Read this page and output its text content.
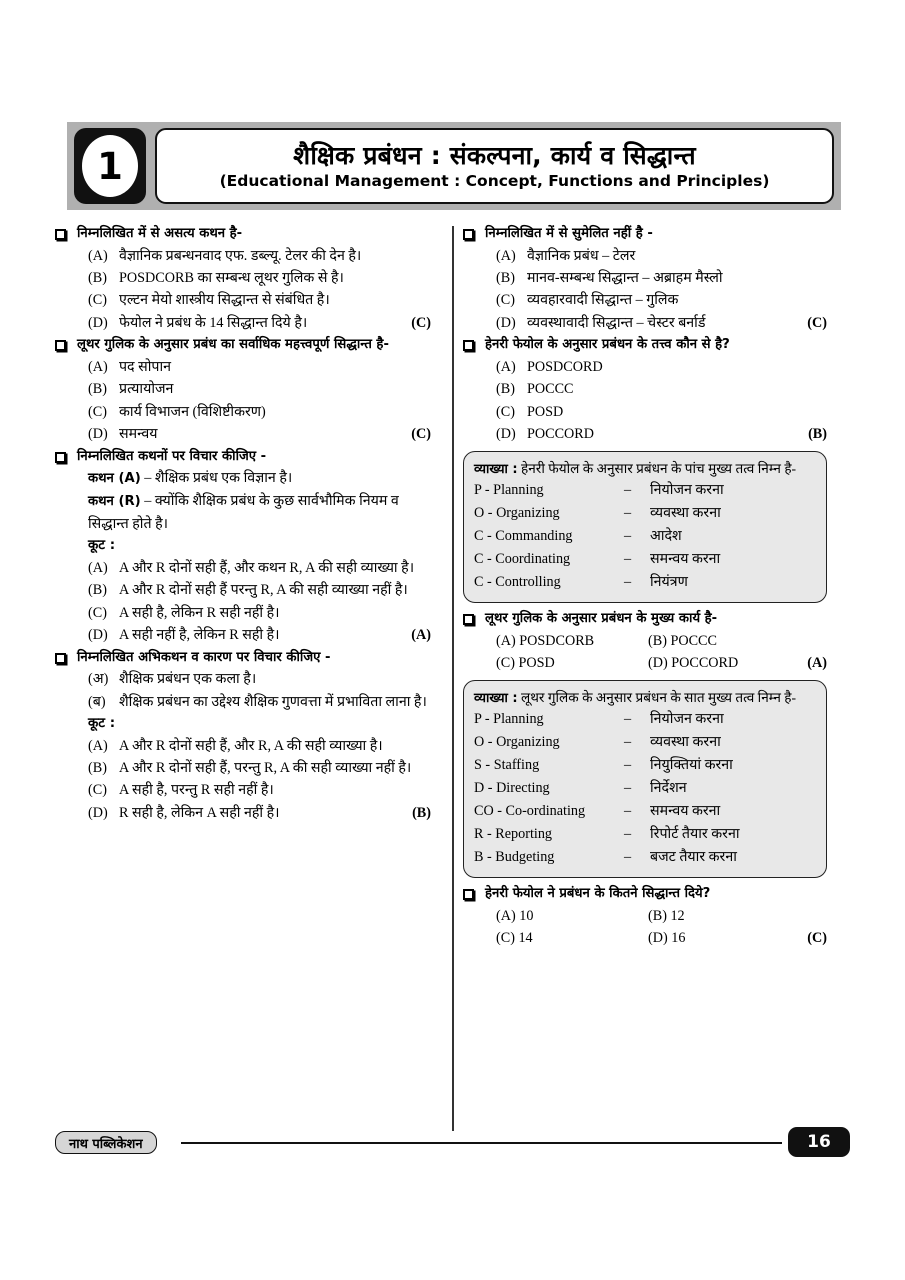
1	शैक्षिक प्रबंधन : संकल्पना, कार्य व सिद्धान्त
(Educational Management : Concept, Functions and Principles)
निम्नलिखित में से असत्य कथन है-
(A) वैज्ञानिक प्रबन्धनवाद एफ. डब्ल्यू. टेलर की देन है।
(B) POSDCORB का सम्बन्ध लूथर गुलिक से है।
(C) एल्टन मेयो शास्त्रीय सिद्धान्त से संबंधित है।
(D) फेयोल ने प्रबंध के 14 सिद्धान्त दिये है।	(C)
लूथर गुलिक के अनुसार प्रबंध का सर्वाधिक महत्त्वपूर्ण सिद्धान्त है-
(A) पद सोपान
(B) प्रत्यायोजन
(C) कार्य विभाजन (विशिष्टीकरण)
(D) समन्वय	(C)
निम्नलिखित कथनों पर विचार कीजिए -
कथन (A) – शैक्षिक प्रबंध एक विज्ञान है।
कथन (R) – क्योंकि शैक्षिक प्रबंध के कुछ सार्वभौमिक नियम व सिद्धान्त होते है।
कूट :
(A) A और R दोनों सही हैं, और कथन R, A की सही व्याख्या है।
(B) A और R दोनों सही हैं परन्तु R, A की सही व्याख्या नहीं है।
(C) A सही है, लेकिन R सही नहीं है।
(D) A सही नहीं है, लेकिन R सही है।	(A)
निम्नलिखित अभिकथन व कारण पर विचार कीजिए -
(अ) शैक्षिक प्रबंधन एक कला है।
(ब) शैक्षिक प्रबंधन का उद्देश्य शैक्षिक गुणवत्ता में प्रभाविता लाना है।
कूट :
(A) A और R दोनों सही हैं, और R, A की सही व्याख्या है।
(B) A और R दोनों सही हैं, परन्तु R, A की सही व्याख्या नहीं है।
(C) A सही है, परन्तु R सही नहीं है।
(D) R सही है, लेकिन A सही नहीं है।	(B)
निम्नलिखित में से सुमेलित नहीं है -
(A) वैज्ञानिक प्रबंध – टेलर
(B) मानव-सम्बन्ध सिद्धान्त – अब्राहम मैस्लो
(C) व्यवहारवादी सिद्धान्त – गुलिक
(D) व्यवस्थावादी सिद्धान्त – चेस्टर बर्नार्ड	(C)
हेनरी फेयोल के अनुसार प्रबंधन के तत्त्व कौन से है?
(A) POSDCORD
(B) POCCC
(C) POSD
(D) POCCORD	(B)
व्याख्या : हेनरी फेयोल के अनुसार प्रबंधन के पांच मुख्य तत्व निम्न है-
P - Planning	–	नियोजन करना
O - Organizing	–	व्यवस्था करना
C - Commanding	–	आदेश
C - Coordinating	–	समन्वय करना
C - Controlling	–	नियंत्रण
लूथर गुलिक के अनुसार प्रबंधन के मुख्य कार्य है-
(A) POSDCORB	(B) POCCC
(C) POSD	(D) POCCORD	(A)
व्याख्या : लूथर गुलिक के अनुसार प्रबंधन के सात मुख्य तत्व निम्न है-
P - Planning	–	नियोजन करना
O - Organizing	–	व्यवस्था करना
S - Staffing	–	नियुक्तियां करना
D - Directing	–	निर्देशन
CO - Co-ordinating	–	समन्वय करना
R - Reporting	–	रिपोर्ट तैयार करना
B - Budgeting	–	बजट तैयार करना
हेनरी फेयोल ने प्रबंधन के कितने सिद्धान्त दिये?
(A) 10	(B) 12
(C) 14	(D) 16	(C)
नाथ पब्लिकेशन	16
